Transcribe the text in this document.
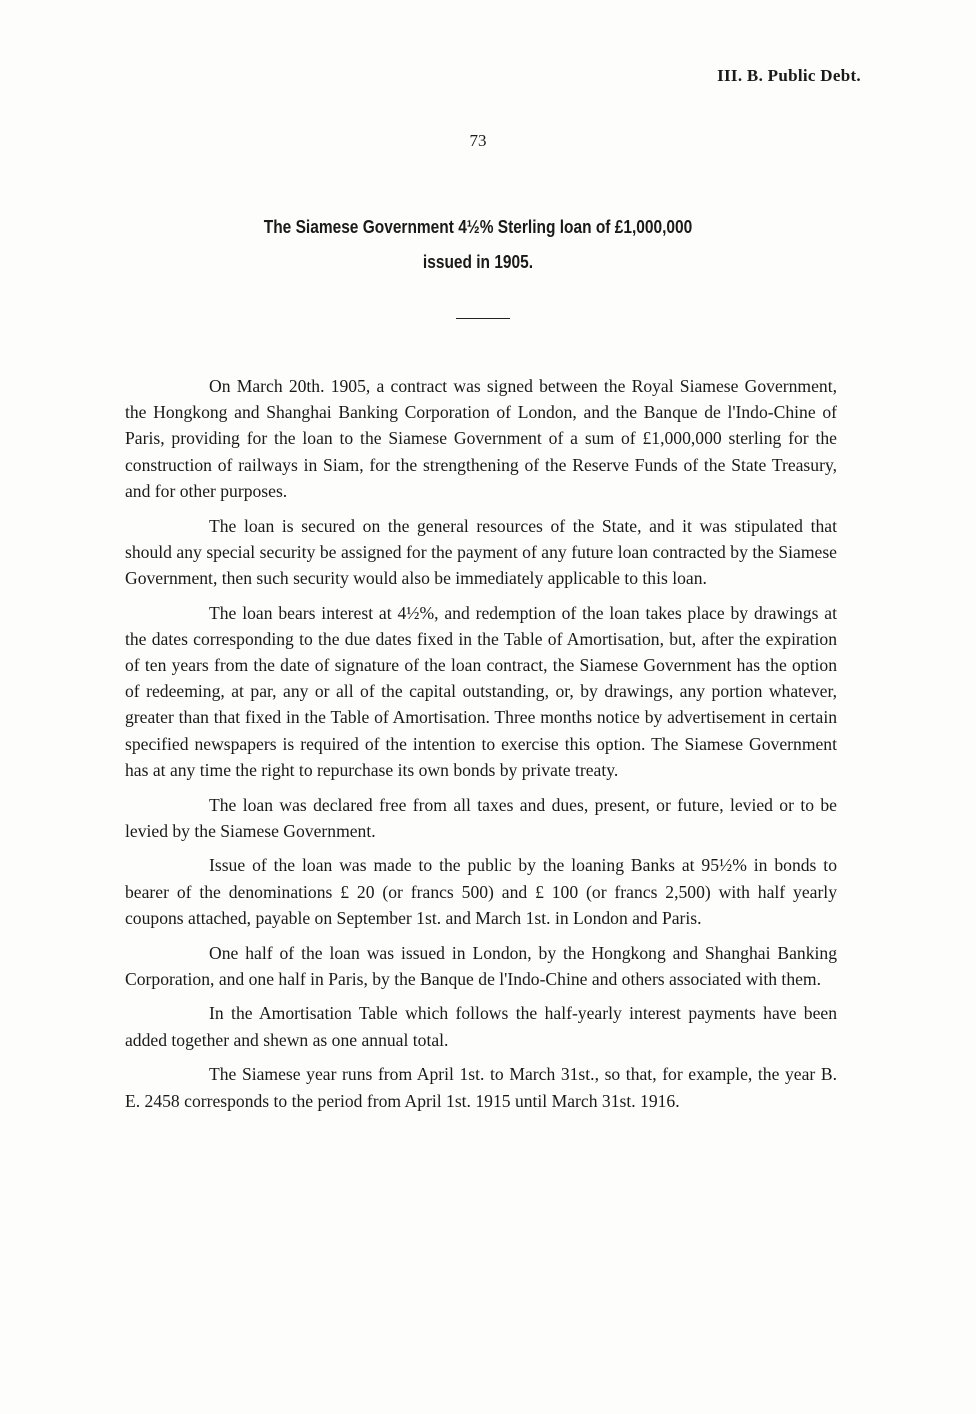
III. B. Public Debt.
73
The Siamese Government 4½% Sterling loan of £1,000,000
issued in 1905.

On March 20th. 1905, a contract was signed between the Royal Siamese Government, the Hongkong and Shanghai Banking Corporation of London, and the Banque de l'Indo-Chine of Paris, providing for the loan to the Siamese Government of a sum of £1,000,000 sterling for the construction of railways in Siam, for the strengthening of the Reserve Funds of the State Treasury, and for other purposes.

The loan is secured on the general resources of the State, and it was stipulated that should any special security be assigned for the payment of any future loan contracted by the Siamese Government, then such security would also be immediately applicable to this loan.

The loan bears interest at 4½%, and redemption of the loan takes place by drawings at the dates corresponding to the due dates fixed in the Table of Amortisation, but, after the expiration of ten years from the date of signature of the loan contract, the Siamese Government has the option of redeeming, at par, any or all of the capital outstanding, or, by drawings, any portion whatever, greater than that fixed in the Table of Amortisation. Three months notice by advertisement in certain specified newspapers is required of the intention to exercise this option. The Siamese Government has at any time the right to repurchase its own bonds by private treaty.

The loan was declared free from all taxes and dues, present, or future, levied or to be levied by the Siamese Government.

Issue of the loan was made to the public by the loaning Banks at 95½% in bonds to bearer of the denominations £ 20 (or francs 500) and £ 100 (or francs 2,500) with half yearly coupons attached, payable on September 1st. and March 1st. in London and Paris.

One half of the loan was issued in London, by the Hongkong and Shanghai Banking Corporation, and one half in Paris, by the Banque de l'Indo-Chine and others associated with them.

In the Amortisation Table which follows the half-yearly interest payments have been added together and shewn as one annual total.

The Siamese year runs from April 1st. to March 31st., so that, for example, the year B. E. 2458 corresponds to the period from April 1st. 1915 until March 31st. 1916.
